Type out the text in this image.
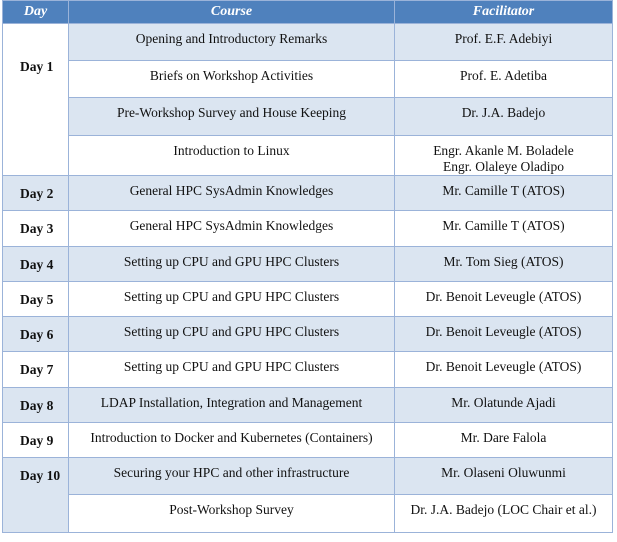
Day	Course	Facilitator
Day 1	Opening and Introductory Remarks	Prof. E.F. Adebiyi

	Briefs on Workshop Activities	Prof. E. Adetiba

	Pre-Workshop Survey and House Keeping	Dr. J.A. Badejo

	Introduction to Linux	Engr. Akanle M. Boladele
Engr. Olaleye Oladipo

Day 2	General HPC SysAdmin Knowledges	Mr. Camille T (ATOS)

Day 3	General HPC SysAdmin Knowledges	Mr. Camille T (ATOS)

Day 4	Setting up CPU and GPU HPC Clusters	Mr. Tom Sieg (ATOS)

Day 5	Setting up CPU and GPU HPC Clusters	Dr. Benoit Leveugle (ATOS)

Day 6	Setting up CPU and GPU HPC Clusters	Dr. Benoit Leveugle (ATOS)

Day 7	Setting up CPU and GPU HPC Clusters	Dr. Benoit Leveugle (ATOS)

Day 8	LDAP Installation, Integration and Management	Mr. Olatunde Ajadi

Day 9	Introduction to Docker and Kubernetes (Containers)	Mr. Dare Falola

Day 10	Securing your HPC and other infrastructure	Mr. Olaseni Oluwunmi

	Post-Workshop Survey	Dr. J.A. Badejo (LOC Chair et al.)
